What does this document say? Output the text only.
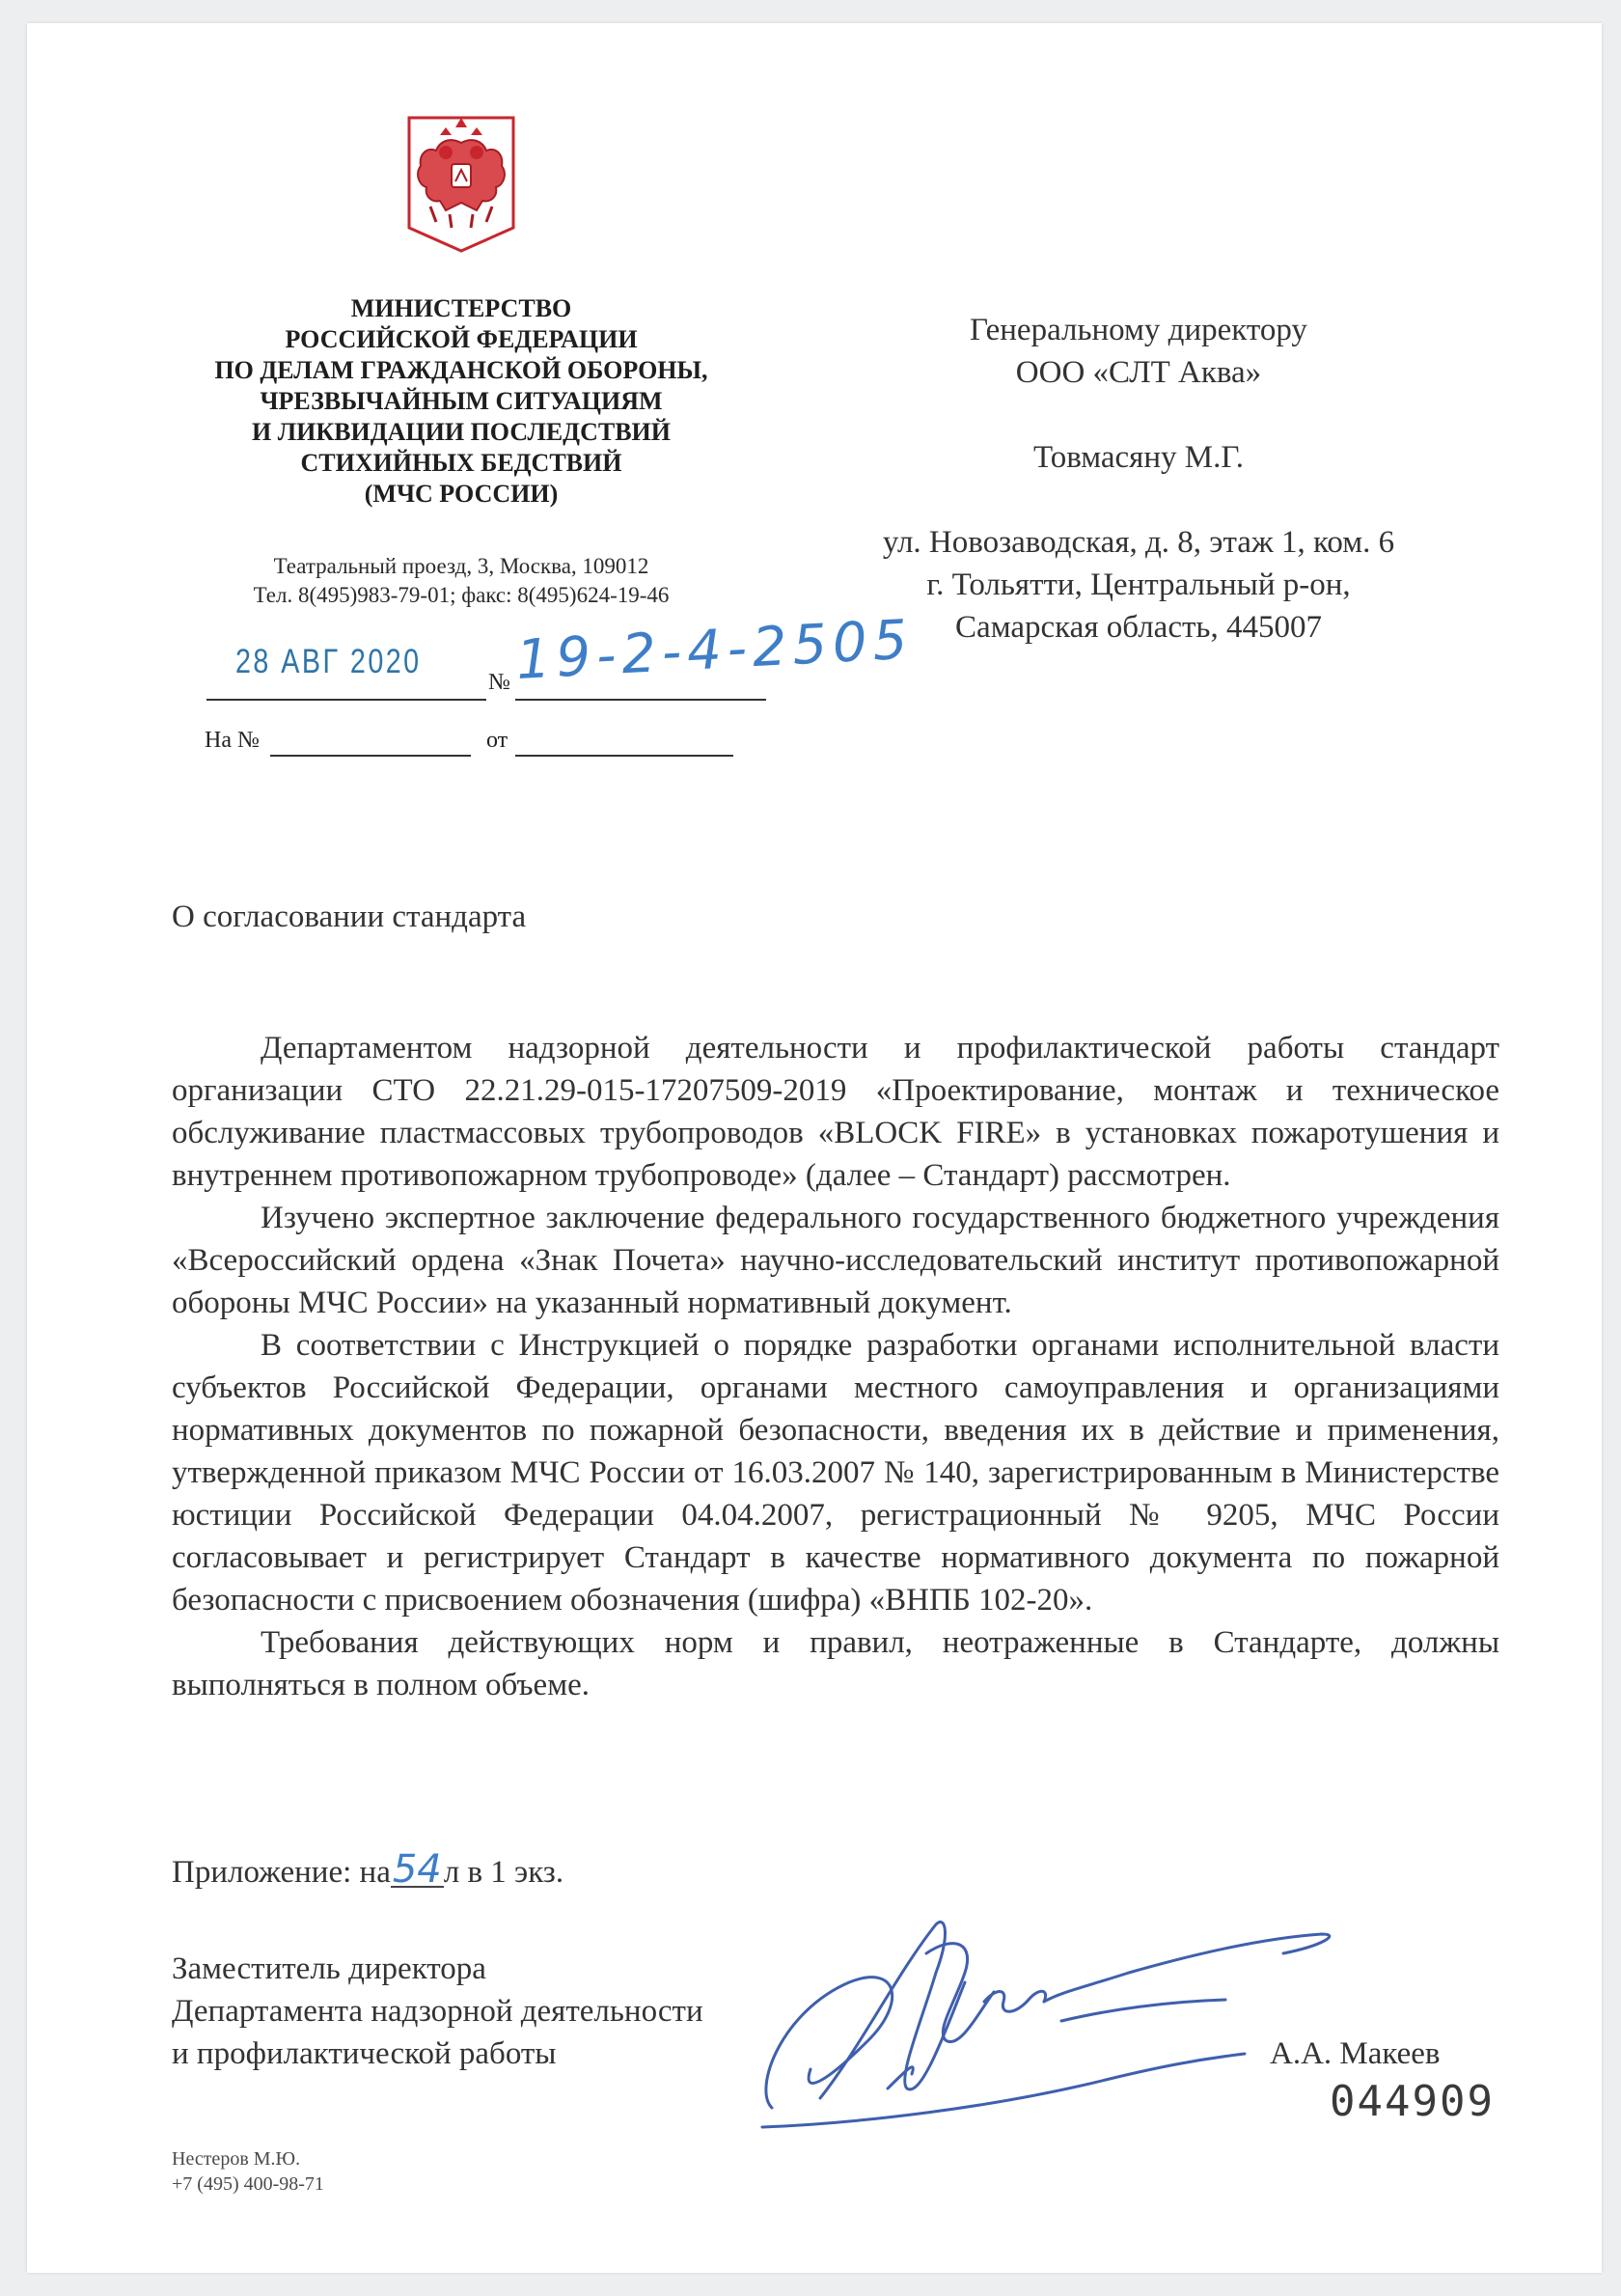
МИНИСТЕРСТВО
РОССИЙСКОЙ ФЕДЕРАЦИИ
ПО ДЕЛАМ ГРАЖДАНСКОЙ ОБОРОНЫ,
ЧРЕЗВЫЧАЙНЫМ СИТУАЦИЯМ
И ЛИКВИДАЦИИ ПОСЛЕДСТВИЙ
СТИХИЙНЫХ БЕДСТВИЙ
(МЧС РОССИИ)
Театральный проезд, 3, Москва, 109012
Тел. 8(495)983-79-01; факс: 8(495)624-19-46
Генеральному директору
ООО «СЛТ Аква»
Товмасяну М.Г.
ул. Новозаводская, д. 8, этаж 1, ком. 6
г. Тольятти, Центральный р-он,
Самарская область, 445007
28 АВГ 2020
№ 19-2-4-2505
На №	от
О согласовании стандарта

Департаментом надзорной деятельности и профилактической работы стандарт организации СТО 22.21.29-015-17207509-2019 «Проектирование, монтаж и техническое обслуживание пластмассовых трубопроводов «BLOCK FIRE» в установках пожаротушения и внутреннем противопожарном трубопроводе» (далее – Стандарт) рассмотрен.

Изучено экспертное заключение федерального государственного бюджетного учреждения «Всероссийский ордена «Знак Почета» научно-исследовательский институт противопожарной обороны МЧС России» на указанный нормативный документ.

В соответствии с Инструкцией о порядке разработки органами исполнительной власти субъектов Российской Федерации, органами местного самоуправления и организациями нормативных документов по пожарной безопасности, введения их в действие и применения, утвержденной приказом МЧС России от 16.03.2007 № 140, зарегистрированным в Министерстве юстиции Российской Федерации 04.04.2007, регистрационный № 9205, МЧС России согласовывает и регистрирует Стандарт в качестве нормативного документа по пожарной безопасности с присвоением обозначения (шифра) «ВНПБ 102-20».

Требования действующих норм и правил, неотраженные в Стандарте, должны выполняться в полном объеме.

Приложение: на54л в 1 экз.
Заместитель директора
Департамента надзорной деятельности
и профилактической работы	А.А. Макеев
044909
Нестеров М.Ю.
+7 (495) 400-98-71
